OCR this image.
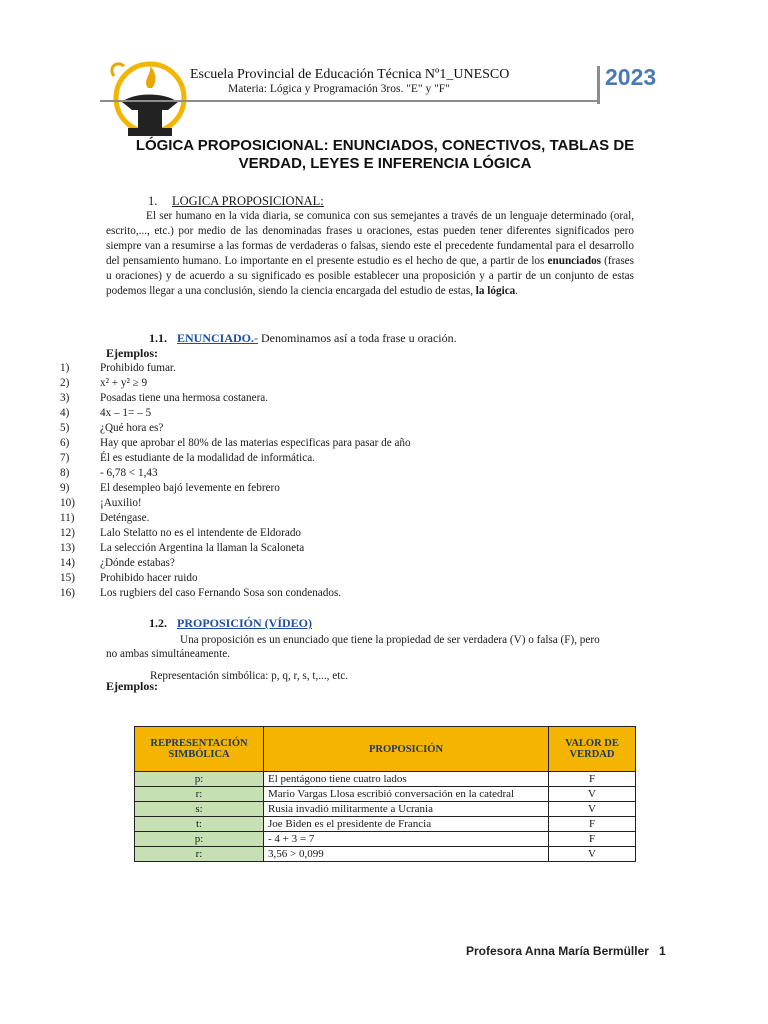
Escuela Provincial de Educación Técnica Nº1_UNESCO
Materia: Lógica y Programación 3ros. "E" y "F"	2023
LÓGICA PROPOSICIONAL: ENUNCIADOS, CONECTIVOS, TABLAS DE VERDAD, LEYES E INFERENCIA LÓGICA
1. LOGICA PROPOSICIONAL:
El ser humano en la vida diaria, se comunica con sus semejantes a través de un lenguaje determinado (oral, escrito,..., etc.) por medio de las denominadas frases u oraciones, estas pueden tener diferentes significados pero siempre van a resumirse a las formas de verdaderas o falsas, siendo este el precedente fundamental para el desarrollo del pensamiento humano. Lo importante en el presente estudio es el hecho de que, a partir de los enunciados (frases u oraciones) y de acuerdo a su significado es posible establecer una proposición y a partir de un conjunto de estas podemos llegar a una conclusión, siendo la ciencia encargada del estudio de estas, la lógica.
1.1. ENUNCIADO.- Denominamos así a toda frase u oración.
Ejemplos:
1)	Prohibido fumar.
2)	x² + y² ≥ 9
3)	Posadas tiene una hermosa costanera.
4)	4x – 1= – 5
5)	¿Qué hora es?
6)	Hay que aprobar el 80% de las materias especificas para pasar de año
7)	Él es estudiante de la modalidad de informática.
8)	- 6,78 < 1,43
9)	El desempleo bajó levemente en febrero
10)	¡Auxilio!
11)	Deténgase.
12)	Lalo Stelatto no es el intendente de Eldorado
13)	La selección Argentina la llaman la Scaloneta
14)	¿Dónde estabas?
15)	Prohibido hacer ruido
16)	Los rugbiers del caso Fernando Sosa son condenados.
1.2. PROPOSICIÓN (VÍDEO)
Una proposición es un enunciado que tiene la propiedad de ser verdadera (V) o falsa (F), pero
no ambas simultáneamente.
Representación simbólica: p, q, r, s, t,..., etc.
Ejemplos:
REPRESENTACIÓN SIMBÓLICA	PROPOSICIÓN	VALOR DE VERDAD
p:	El pentágono tiene cuatro lados	F
r:	Mario Vargas Llosa escribió conversación en la catedral	V
s:	Rusia invadió militarmente a Ucrania	V
t:	Joe Biden es el presidente de Francia	F
p:	- 4 + 3 = 7	F
r:	3,56 > 0,099	V
Profesora Anna María Bermüller 1
